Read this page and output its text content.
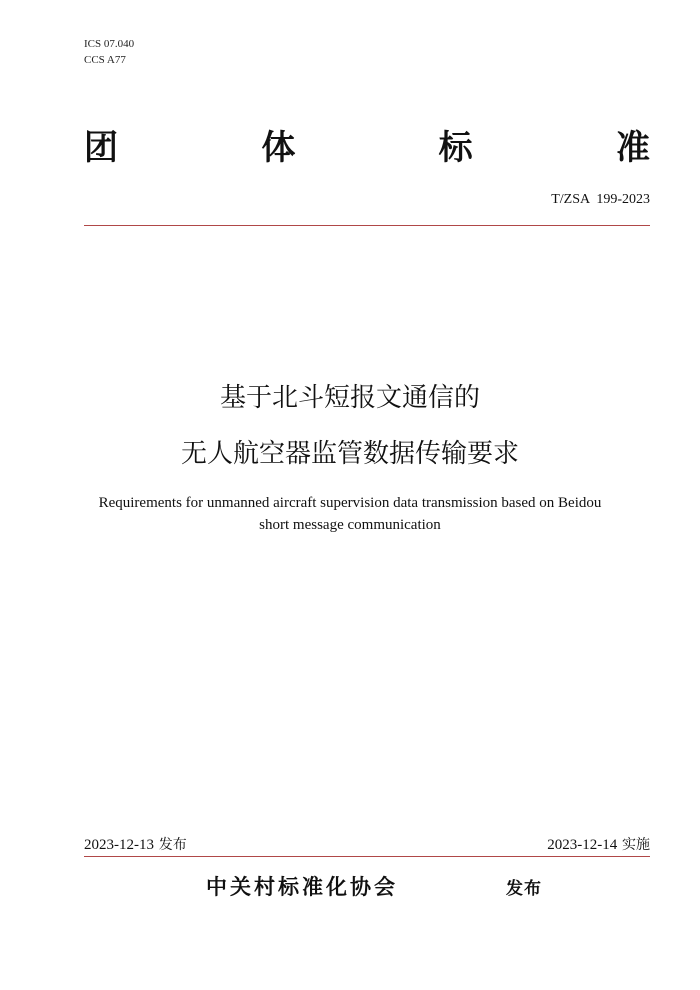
ICS 07.040
CCS A77
团	体	标	准
T/ZSA  199-2023
基于北斗短报文通信的
无人航空器监管数据传输要求
Requirements for unmanned aircraft supervision data transmission based on Beidou
short message communication
2023-12-13 发布	2023-12-14 实施
中关村标准化协会	发布
